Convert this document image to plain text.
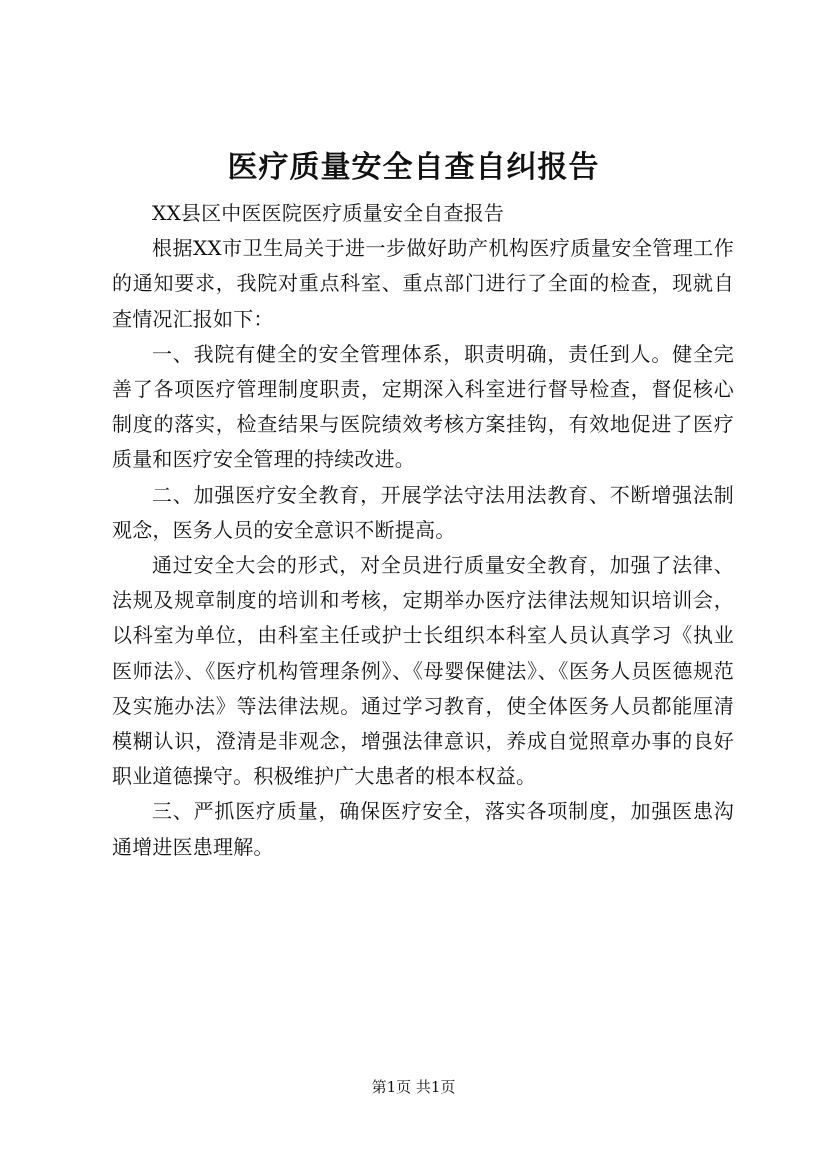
医疗质量安全自查自纠报告

XX县区中医医院医疗质量安全自查报告

根据XX市卫生局关于进一步做好助产机构医疗质量安全管理工作的通知要求，我院对重点科室、重点部门进行了全面的检查，现就自查情况汇报如下：

一、我院有健全的安全管理体系，职责明确，责任到人。健全完善了各项医疗管理制度职责，定期深入科室进行督导检查，督促核心制度的落实，检查结果与医院绩效考核方案挂钩，有效地促进了医疗质量和医疗安全管理的持续改进。

二、加强医疗安全教育，开展学法守法用法教育、不断增强法制观念，医务人员的安全意识不断提高。

通过安全大会的形式，对全员进行质量安全教育，加强了法律、法规及规章制度的培训和考核，定期举办医疗法律法规知识培训会，以科室为单位，由科室主任或护士长组织本科室人员认真学习《执业医师法》、《医疗机构管理条例》、《母婴保健法》、《医务人员医德规范及实施办法》等法律法规。通过学习教育，使全体医务人员都能厘清模糊认识，澄清是非观念，增强法律意识，养成自觉照章办事的良好职业道德操守。积极维护广大患者的根本权益。

三、严抓医疗质量，确保医疗安全，落实各项制度，加强医患沟通增进医患理解。

第1页 共1页
